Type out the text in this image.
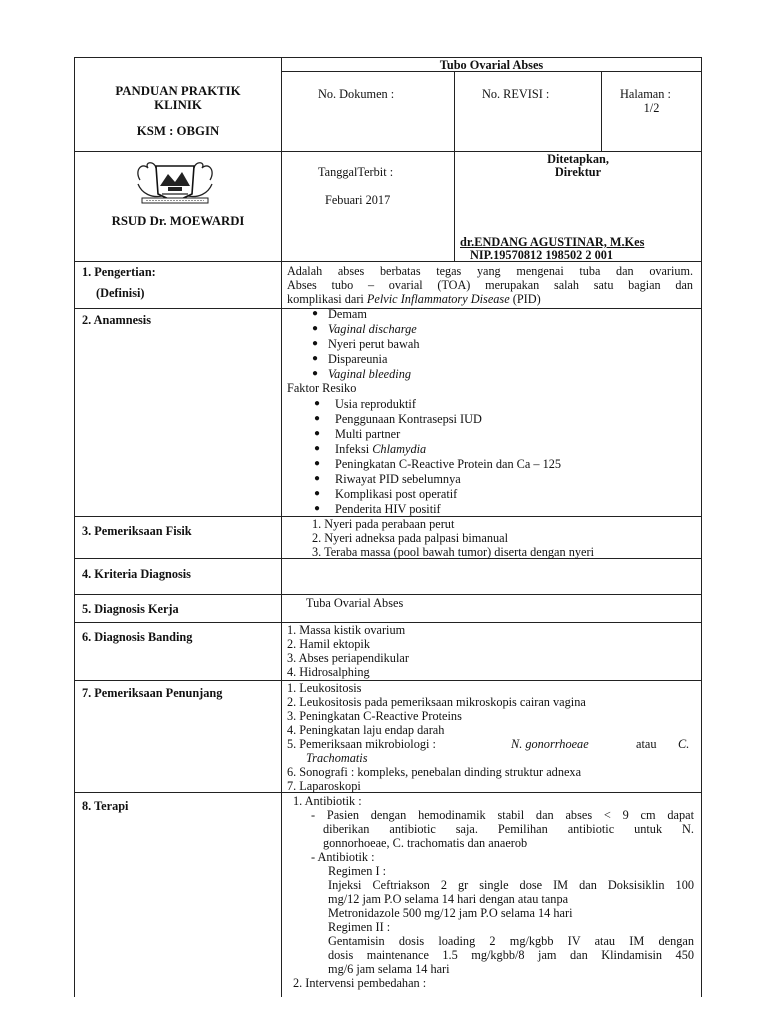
Tubo Ovarial Abses
PANDUAN PRAKTIK
KLINIK
KSM : OBGIN
No. Dokumen :	No. REVISI :	Halaman :
1/2
RSUD Dr. MOEWARDI
TanggalTerbit :
Febuari 2017
Ditetapkan,
Direktur
dr.ENDANG AGUSTINAR, M.Kes
NIP.19570812 198502 2 001
1. Pengertian:
(Definisi)
Adalah abses berbatas tegas yang mengenai tuba dan ovarium.
Abses tubo – ovarial (TOA) merupakan salah satu bagian dan
komplikasi dari Pelvic Inflammatory Disease (PID)
2. Anamnesis	● Demam
● Vaginal discharge
● Nyeri perut bawah
● Dispareunia
● Vaginal bleeding
Faktor Resiko
● Usia reproduktif
● Penggunaan Kontrasepsi IUD
● Multi partner
● Infeksi Chlamydia
● Peningkatan C-Reactive Protein dan Ca – 125
● Riwayat PID sebelumnya
● Komplikasi post operatif
● Penderita HIV positif
3. Pemeriksaan Fisik	1. Nyeri pada perabaan perut
2. Nyeri adneksa pada palpasi bimanual
3. Teraba massa (pool bawah tumor) diserta dengan nyeri
4. Kriteria Diagnosis
5. Diagnosis Kerja	Tuba Ovarial Abses
6. Diagnosis Banding	1. Massa kistik ovarium
2. Hamil ektopik
3. Abses periapendikular
4. Hidrosalphing
7. Pemeriksaan Penunjang	1. Leukositosis
2. Leukositosis pada pemeriksaan mikroskopis cairan vagina
3. Peningkatan C-Reactive Proteins
4. Peningkatan laju endap darah
5. Pemeriksaan mikrobiologi :	N. gonorrhoeae	atau C.
Trachomatis
6. Sonografi : kompleks, penebalan dinding struktur adnexa
7. Laparoskopi
8. Terapi	1. Antibiotik :
- Pasien dengan hemodinamik stabil dan abses < 9 cm dapat
diberikan antibiotic saja. Pemilihan antibiotic untuk N.
gonnorhoeae, C. trachomatis dan anaerob
- Antibiotik :
Regimen I :
Injeksi Ceftriakson 2 gr single dose IM dan Doksisiklin 100
mg/12 jam P.O selama 14 hari dengan atau tanpa
Metronidazole 500 mg/12 jam P.O selama 14 hari
Regimen II :
Gentamisin dosis loading 2 mg/kgbb IV atau IM dengan
dosis maintenance 1.5 mg/kgbb/8 jam dan Klindamisin 450
mg/6 jam selama 14 hari
2. Intervensi pembedahan :
